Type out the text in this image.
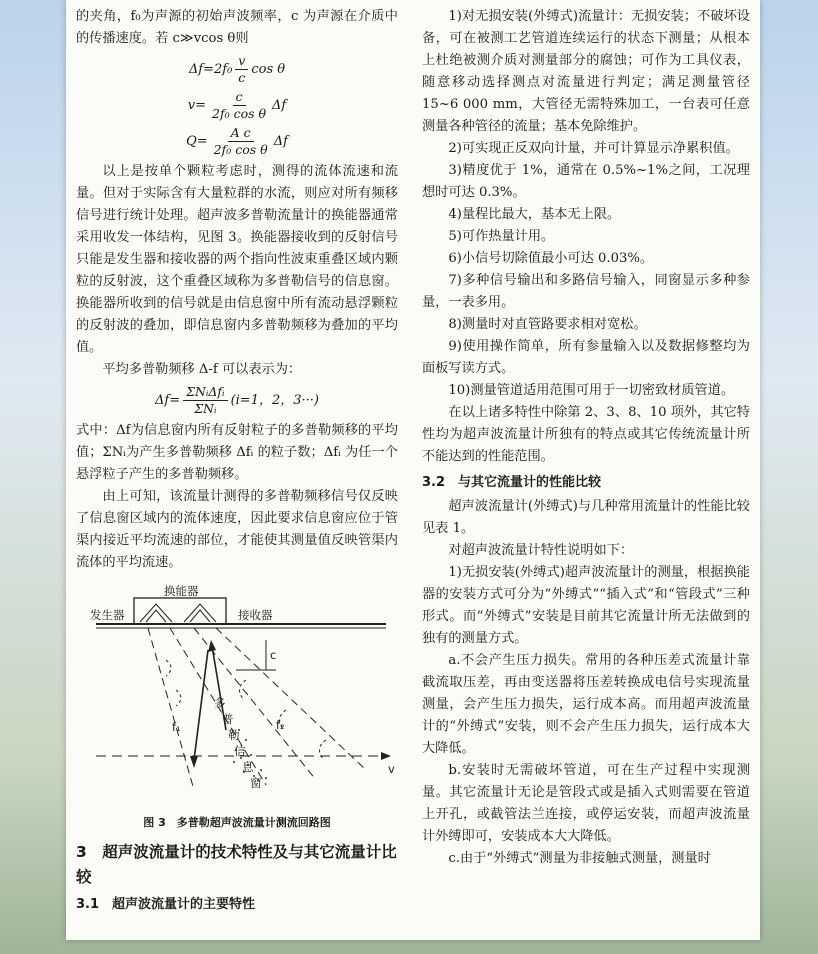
的夹角，f₀为声源的初始声波频率，c 为声源在介质中的传播速度。若 c≫vcos θ则

$\Delta f=2f_0 \frac{v}{c}$ cos θ
$v= \frac{c}{\text{2f₀ cos θ}}$ Δf
$Q= \frac{\text{A c}}{\text{2f₀ cos θ}}$ Δf

以上是按单个颗粒考虑时，测得的流体流速和流量。但对于实际含有大量粒群的水流，则应对所有频移信号进行统计处理。超声波多普勒流量计的换能器通常采用收发一体结构，见图 3。换能器接收到的反射信号只能是发生器和接收器的两个指向性波束重叠区域内颗粒的反射波，这个重叠区域称为多普勒信号的信息窗。换能器所收到的信号就是由信息窗中所有流动悬浮颗粒的反射波的叠加，即信息窗内多普勒频移为叠加的平均值。

平均多普勒频移 Δ-f 可以表示为：

$\Delta f= \frac{\text{ΣNᵢΔfᵢ}}{\text{ΣNᵢ}} (i=1$，2，3···)

式中：Δf为信息窗内所有反射粒子的多普勒频移的平均值；ΣNᵢ为产生多普勒频移 Δfᵢ 的粒子数；Δfᵢ 为任一个悬浮粒子产生的多普勒频移。

由上可知，该流量计测得的多普勒频移信号仅反映了信息窗区域内的流体速度，因此要求信息窗应位于管渠内接近平均流速的部位，才能使其测量值反映管渠内流体的平均流速。

换能器
发生器	接收器
c
f₁	f₂
v
多
普
勒
信
息
窗
图 3　多普勒超声波流量计测流回路图
3　超声波流量计的技术特性及与其它流量计比较
3.1　超声波流量计的主要特性

1)对无损安装(外缚式)流量计：无损安装；不破坏设备，可在被测工艺管道连续运行的状态下测量；从根本上杜绝被测介质对测量部分的腐蚀；可作为工具仪表，随意移动选择测点对流量进行判定；满足测量管径 15~6 000 mm，大管径无需特殊加工，一台表可任意测量各种管径的流量；基本免除维护。

2)可实现正反双向计量，并可计算显示净累积值。

3)精度优于 1%，通常在 0.5%~1%之间，工况理想时可达 0.3%。

4)量程比最大，基本无上限。

5)可作热量计用。

6)小信号切除值最小可达 0.03%。

7)多种信号输出和多路信号输入，同窗显示多种参量，一表多用。

8)测量时对直管路要求相对宽松。

9)使用操作简单，所有参量输入以及数据修整均为面板写读方式。

10)测量管道适用范围可用于一切密致材质管道。

在以上诸多特性中除第 2、3、8、10 项外，其它特性均为超声波流量计所独有的特点或其它传统流量计所不能达到的性能范围。

3.2　与其它流量计的性能比较

超声波流量计(外缚式)与几种常用流量计的性能比较见表 1。

对超声波流量计特性说明如下：

1)无损安装(外缚式)超声波流量计的测量，根据换能器的安装方式可分为“外缚式”“插入式”和“管段式”三种形式。而“外缚式”安装是目前其它流量计所无法做到的独有的测量方式。

a.不会产生压力损失。常用的各种压差式流量计靠截流取压差，再由变送器将压差转换成电信号实现流量测量，会产生压力损失，运行成本高。而用超声波流量计的“外缚式”安装，则不会产生压力损失，运行成本大大降低。

b.安装时无需破坏管道，可在生产过程中实现测量。其它流量计无论是管段式或是插入式则需要在管道上开孔，或截管法兰连接，或停运安装，而超声波流量计外缚即可，安装成本大大降低。

c.由于“外缚式”测量为非接触式测量，测量时
